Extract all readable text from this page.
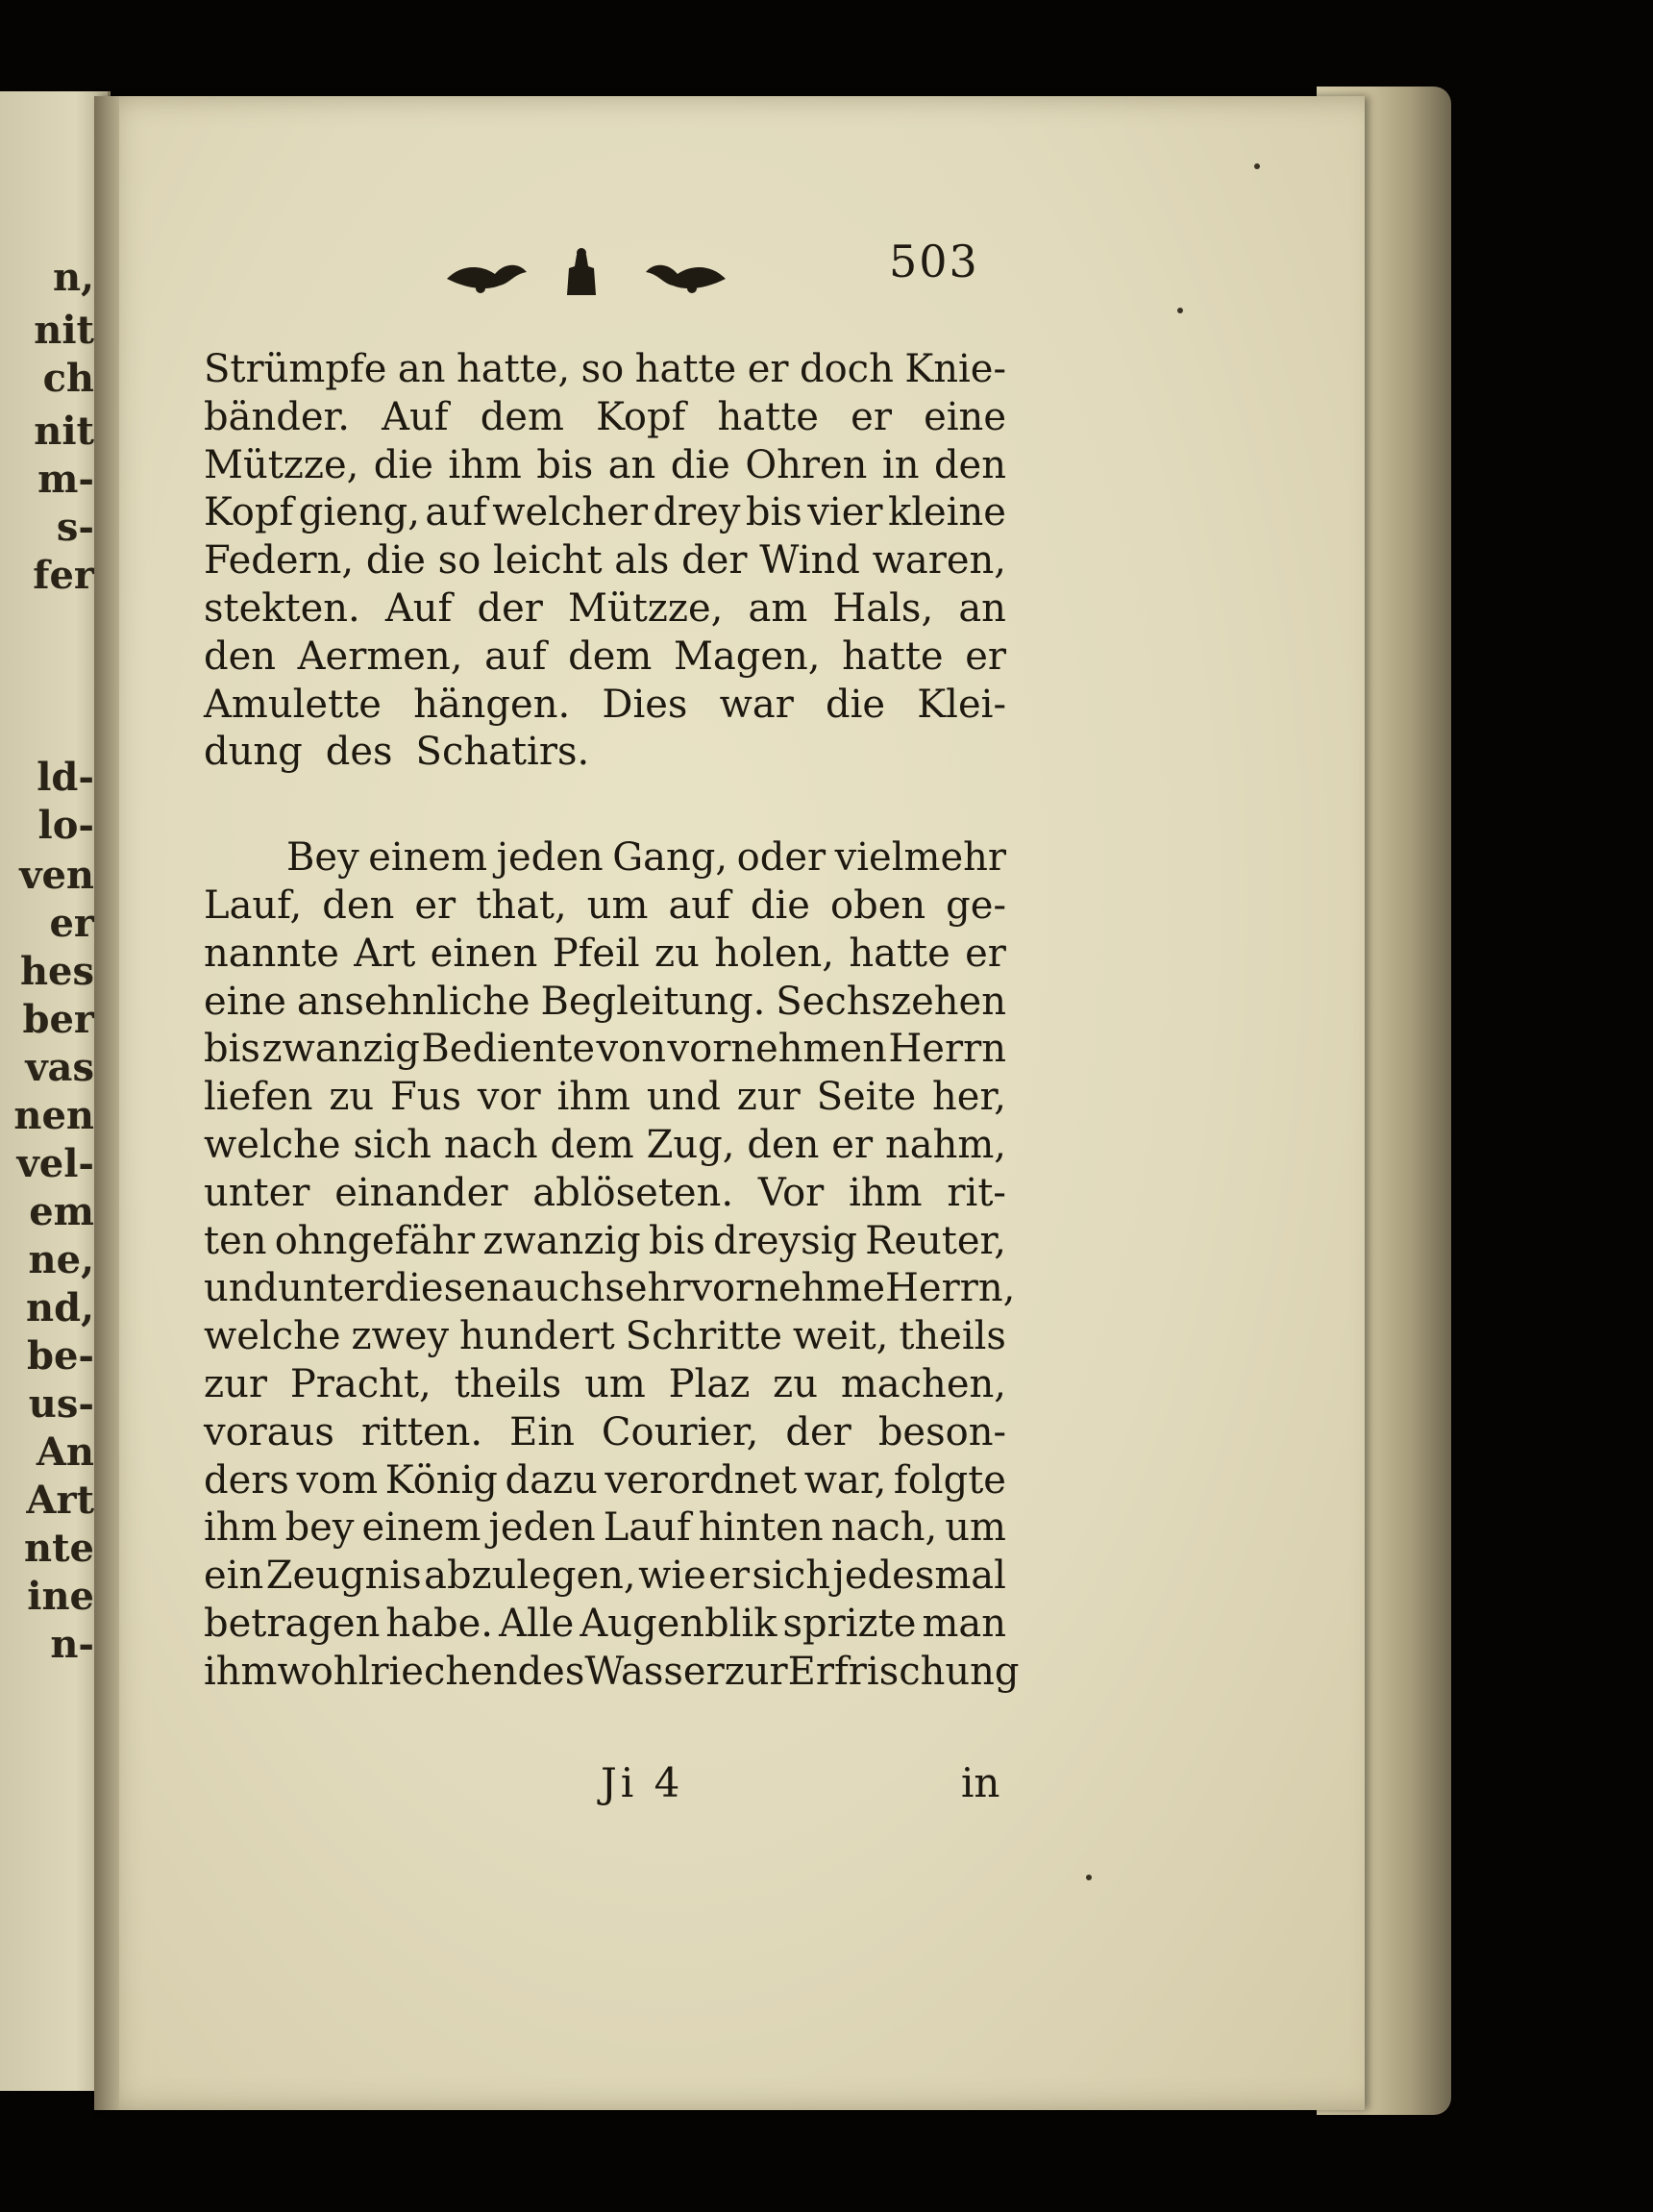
n,
nit
ch
nit
m-
s-
fer
ld-
lo-
ven
er
hes
ber
vas
nen
vel-
em
ne,
nd,
be-
us-
An
Art
nte
ine
n-
503
Strümpfe an hatte, so hatte er doch Knie-
bänder. Auf dem Kopf hatte er eine
Mützze, die ihm bis an die Ohren in den
Kopf gieng, auf welcher drey bis vier kleine
Federn, die so leicht als der Wind waren,
stekten. Auf der Mützze, am Hals, an
den Aermen, auf dem Magen, hatte er
Amulette hängen. Dies war die Klei-
dung des Schatirs.
Bey einem jeden Gang, oder vielmehr
Lauf, den er that, um auf die oben ge-
nannte Art einen Pfeil zu holen, hatte er
eine ansehnliche Begleitung. Sechszehen
bis zwanzig Bediente von vornehmen Herrn
liefen zu Fus vor ihm und zur Seite her,
welche sich nach dem Zug, den er nahm,
unter einander ablöseten. Vor ihm rit-
ten ohngefähr zwanzig bis dreysig Reuter,
und unter diesen auch sehr vornehme Herrn,
welche zwey hundert Schritte weit, theils
zur Pracht, theils um Plaz zu machen,
voraus ritten. Ein Courier, der beson-
ders vom König dazu verordnet war, folgte
ihm bey einem jeden Lauf hinten nach, um
ein Zeugnis abzulegen, wie er sich jedesmal
betragen habe. Alle Augenblik sprizte man
ihm wohlriechendes Wasser zur Erfrischung
Ji 4	in
